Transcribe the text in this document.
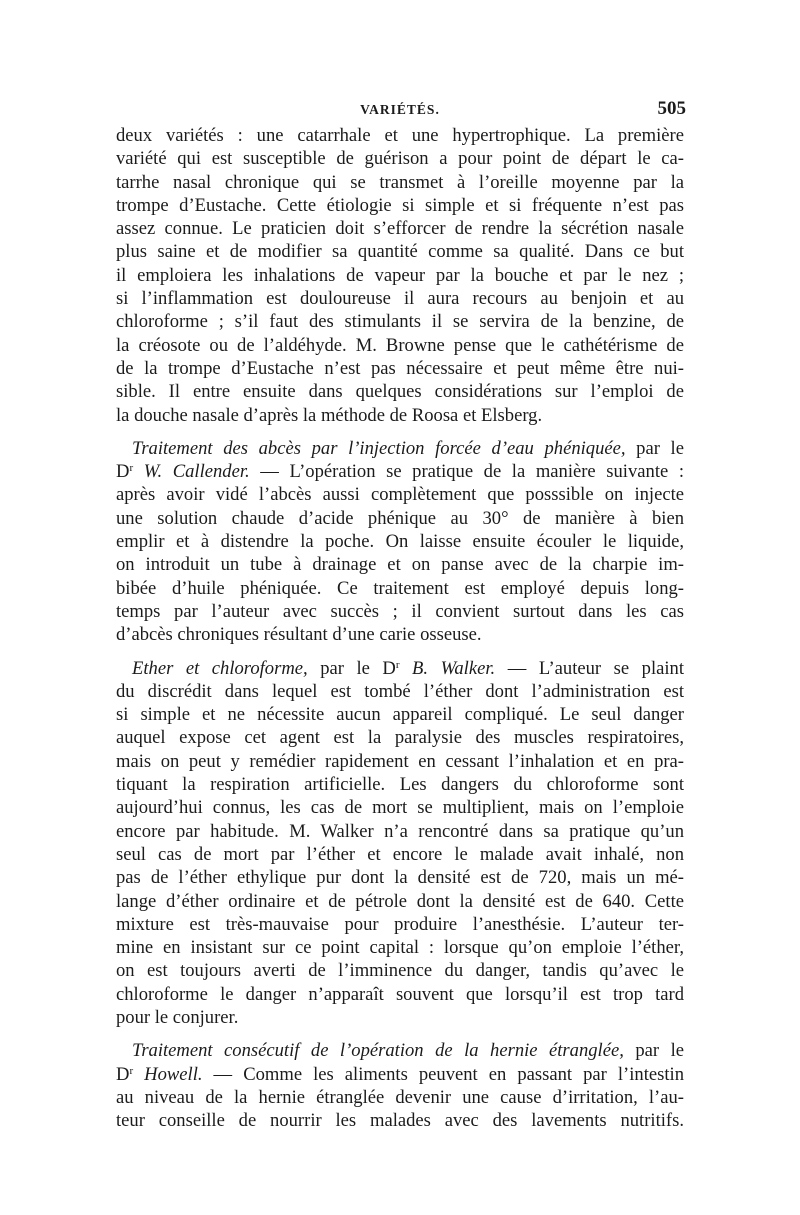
VARIÉTÉS.	505

deux variétés : une catarrhale et une hypertrophique. La première
variété qui est susceptible de guérison a pour point de départ le ca-
tarrhe nasal chronique qui se transmet à l’oreille moyenne par la
trompe d’Eustache. Cette étiologie si simple et si fréquente n’est pas
assez connue. Le praticien doit s’efforcer de rendre la sécrétion nasale
plus saine et de modifier sa quantité comme sa qualité. Dans ce but
il emploiera les inhalations de vapeur par la bouche et par le nez ;
si l’inflammation est douloureuse il aura recours au benjoin et au
chloroforme ; s’il faut des stimulants il se servira de la benzine, de
la créosote ou de l’aldéhyde. M. Browne pense que le cathétérisme de
de la trompe d’Eustache n’est pas nécessaire et peut même être nui-
sible. Il entre ensuite dans quelques considérations sur l’emploi de
la douche nasale d’après la méthode de Roosa et Elsberg.

Traitement des abcès par l’injection forcée d’eau phéniquée, par le
$D^r$ W. Callender. — L’opération se pratique de la manière suivante :
après avoir vidé l’abcès aussi complètement que posssible on injecte
une solution chaude d’acide phénique au 30° de manière à bien
emplir et à distendre la poche. On laisse ensuite écouler le liquide,
on introduit un tube à drainage et on panse avec de la charpie im-
bibée d’huile phéniquée. Ce traitement est employé depuis long-
temps par l’auteur avec succès ; il convient surtout dans les cas
d’abcès chroniques résultant d’une carie osseuse.

Ether et chloroforme, par le $D^r$ B. Walker. — L’auteur se plaint
du discrédit dans lequel est tombé l’éther dont l’administration est
si simple et ne nécessite aucun appareil compliqué. Le seul danger
auquel expose cet agent est la paralysie des muscles respiratoires,
mais on peut y remédier rapidement en cessant l’inhalation et en pra-
tiquant la respiration artificielle. Les dangers du chloroforme sont
aujourd’hui connus, les cas de mort se multiplient, mais on l’emploie
encore par habitude. M. Walker n’a rencontré dans sa pratique qu’un
seul cas de mort par l’éther et encore le malade avait inhalé, non
pas de l’éther ethylique pur dont la densité est de 720, mais un mé-
lange d’éther ordinaire et de pétrole dont la densité est de 640. Cette
mixture est très-mauvaise pour produire l’anesthésie. L’auteur ter-
mine en insistant sur ce point capital : lorsque qu’on emploie l’éther,
on est toujours averti de l’imminence du danger, tandis qu’avec le
chloroforme le danger n’apparaît souvent que lorsqu’il est trop tard
pour le conjurer.

Traitement consécutif de l’opération de la hernie étranglée, par le
$D^r$ Howell. — Comme les aliments peuvent en passant par l’intestin
au niveau de la hernie étranglée devenir une cause d’irritation, l’au-
teur conseille de nourrir les malades avec des lavements nutritifs.
